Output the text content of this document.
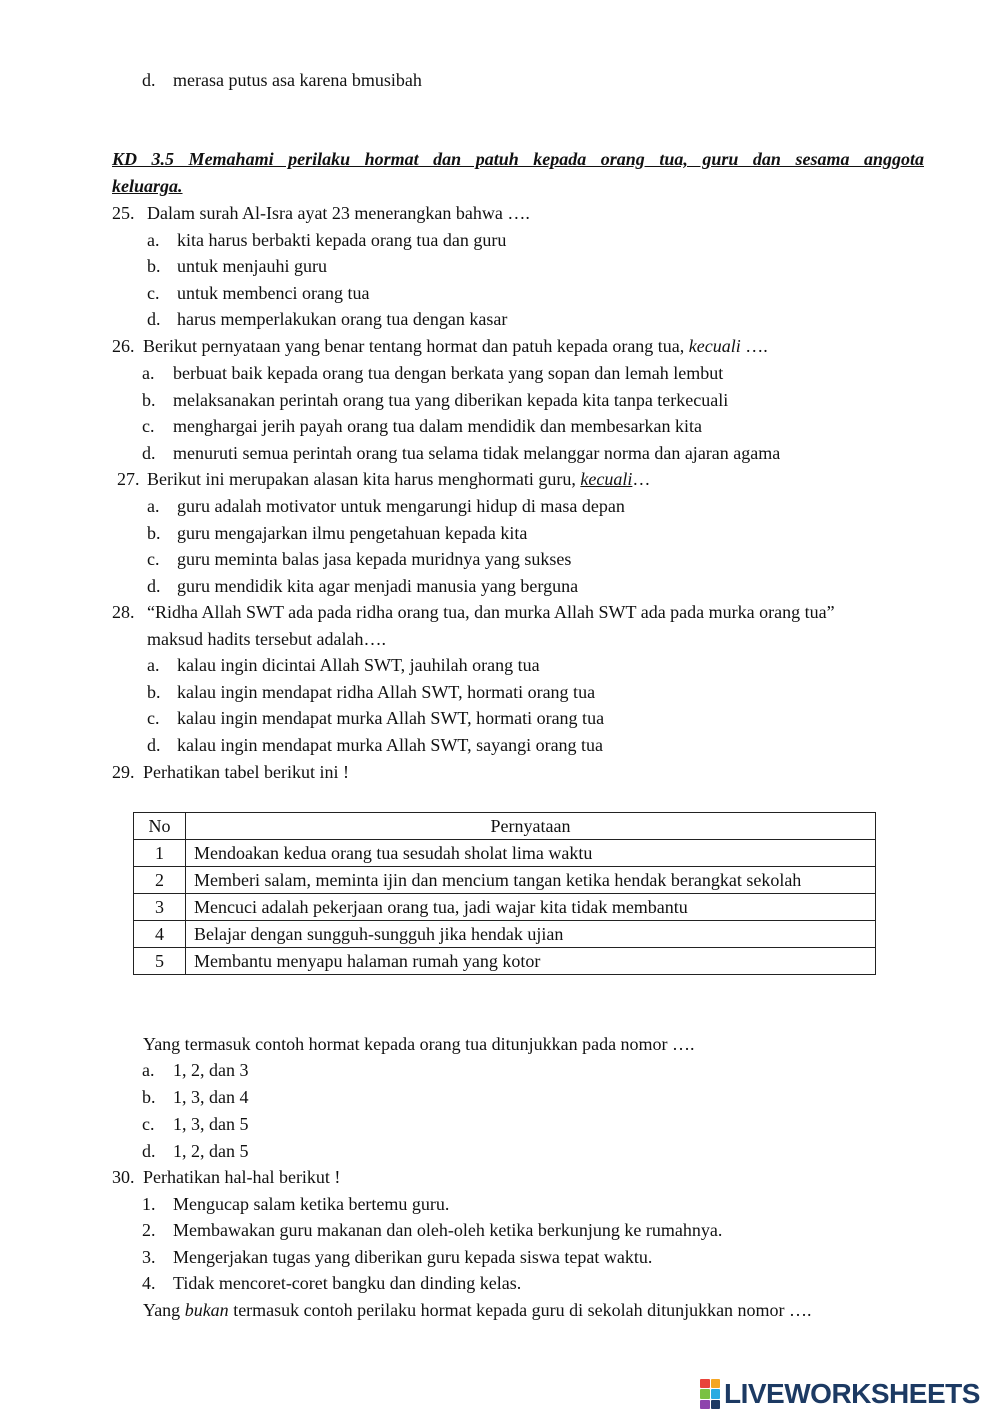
d. merasa putus asa karena bmusibah
KD 3.5 Memahami perilaku hormat dan patuh kepada orang tua, guru dan sesama anggota
keluarga.
25. Dalam surah Al-Isra ayat 23 menerangkan bahwa ….
a. kita harus berbakti kepada orang tua dan guru
b. untuk menjauhi guru
c. untuk membenci orang tua
d. harus memperlakukan orang tua dengan kasar
26. Berikut pernyataan yang benar tentang hormat dan patuh kepada orang tua, kecuali ….
a. berbuat baik kepada orang tua dengan berkata yang sopan dan lemah lembut
b. melaksanakan perintah orang tua yang diberikan kepada kita tanpa terkecuali
c. menghargai jerih payah orang tua dalam mendidik dan membesarkan kita
d. menuruti semua perintah orang tua selama tidak melanggar norma dan ajaran agama
27. Berikut ini merupakan alasan kita harus menghormati guru, kecuali…
a. guru adalah motivator untuk mengarungi hidup di masa depan
b. guru mengajarkan ilmu pengetahuan kepada kita
c. guru meminta balas jasa kepada muridnya yang sukses
d. guru mendidik kita agar menjadi manusia yang berguna
28. “Ridha Allah SWT ada pada ridha orang tua, dan murka Allah SWT ada pada murka orang tua”
maksud hadits tersebut adalah….
a. kalau ingin dicintai Allah SWT, jauhilah orang tua
b. kalau ingin mendapat ridha Allah SWT, hormati orang tua
c. kalau ingin mendapat murka Allah SWT, hormati orang tua
d. kalau ingin mendapat murka Allah SWT, sayangi orang tua
29. Perhatikan tabel berikut ini !
No	Pernyataan
1	Mendoakan kedua orang tua sesudah sholat lima waktu
2	Memberi salam, meminta ijin dan mencium tangan ketika hendak berangkat sekolah
3	Mencuci adalah pekerjaan orang tua, jadi wajar kita tidak membantu
4	Belajar dengan sungguh-sungguh jika hendak ujian
5	Membantu menyapu halaman rumah yang kotor
Yang termasuk contoh hormat kepada orang tua ditunjukkan pada nomor ….
a. 1, 2, dan 3
b. 1, 3, dan 4
c. 1, 3, dan 5
d. 1, 2, dan 5
30. Perhatikan hal-hal berikut !
1. Mengucap salam ketika bertemu guru.
2. Membawakan guru makanan dan oleh-oleh ketika berkunjung ke rumahnya.
3. Mengerjakan tugas yang diberikan guru kepada siswa tepat waktu.
4. Tidak mencoret-coret bangku dan dinding kelas.
Yang bukan termasuk contoh perilaku hormat kepada guru di sekolah ditunjukkan nomor ….
LIVEWORKSHEETS
